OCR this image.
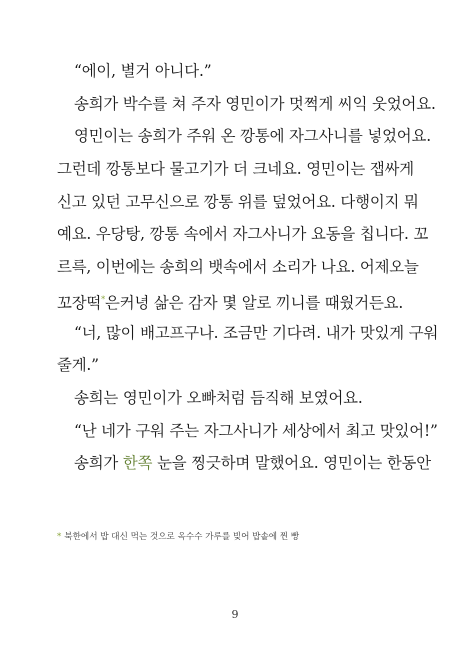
“에이, 별거 아니다.”
송희가 박수를 쳐 주자 영민이가 멋쩍게 씨익 웃었어요.
영민이는 송희가 주워 온 깡통에 자그사니를 넣었어요.
그런데 깡통보다 물고기가 더 크네요. 영민이는 잽싸게
신고 있던 고무신으로 깡통 위를 덮었어요. 다행이지 뭐
예요. 우당탕, 깡통 속에서 자그사니가 요동을 칩니다. 꼬
르륵, 이번에는 송희의 뱃속에서 소리가 나요. 어제오늘
꼬장떡*은커녕 삶은 감자 몇 알로 끼니를 때웠거든요.
“너, 많이 배고프구나. 조금만 기다려. 내가 맛있게 구워
줄게.”
송희는 영민이가 오빠처럼 듬직해 보였어요.
“난 네가 구워 주는 자그사니가 세상에서 최고 맛있어!”
송희가 한쪽 눈을 찡긋하며 말했어요. 영민이는 한동안
* 북한에서 밥 대신 먹는 것으로 옥수수 가루를 빚어 밥솥에 찐 빵
9
